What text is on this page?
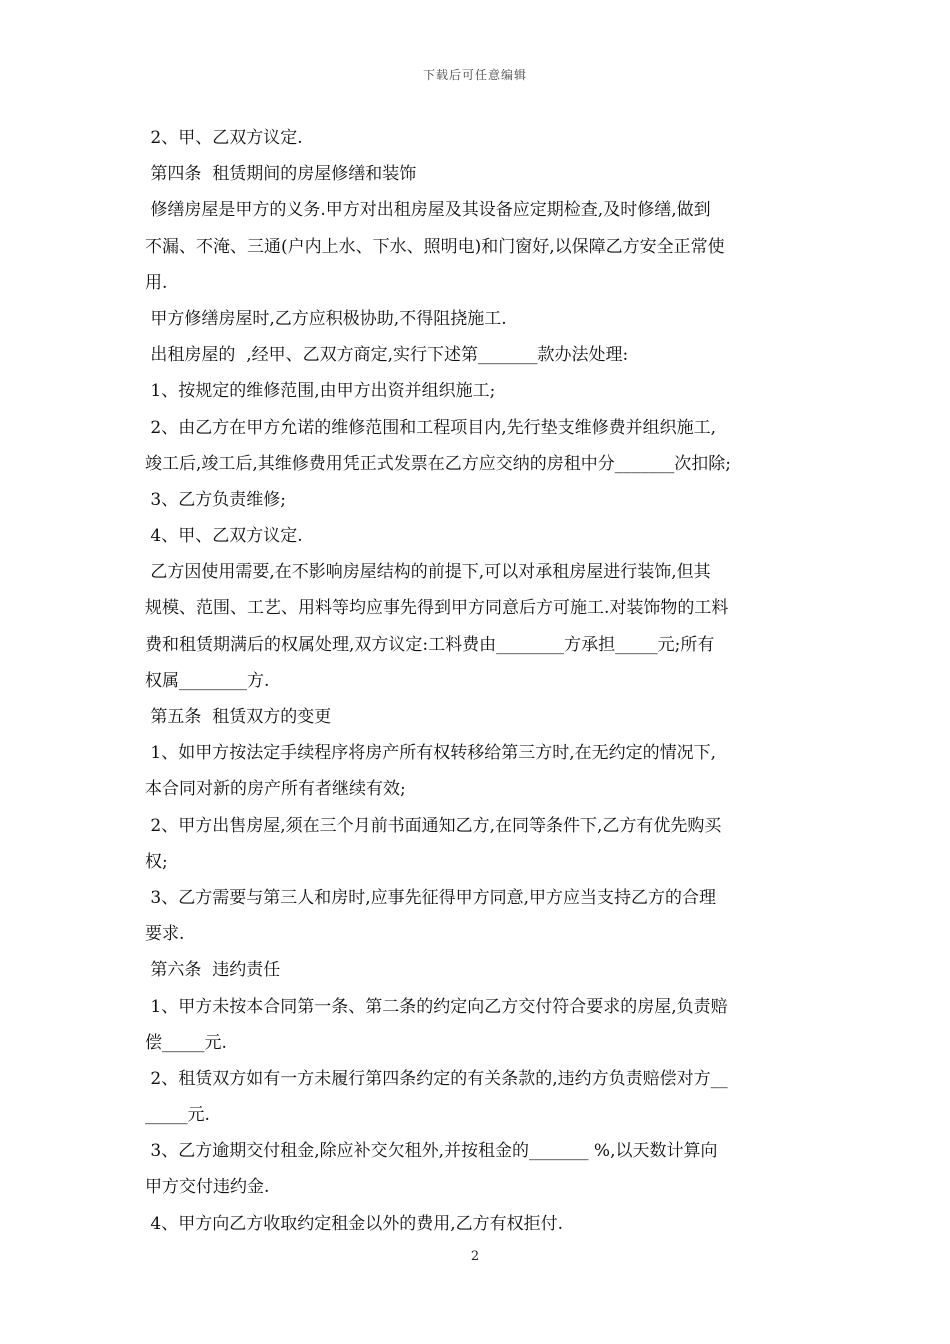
下载后可任意编辑
2、甲、乙双方议定.
第四条  租赁期间的房屋修缮和装饰
修缮房屋是甲方的义务.甲方对出租房屋及其设备应定期检查,及时修缮,做到
不漏、不淹、三通(户内上水、下水、照明电)和门窗好,以保障乙方安全正常使
用.
甲方修缮房屋时,乙方应积极协助,不得阻挠施工.
出租房屋的  ,经甲、乙双方商定,实行下述第_______款办法处理:
1、按规定的维修范围,由甲方出资并组织施工;
2、由乙方在甲方允诺的维修范围和工程项目内,先行垫支维修费并组织施工,
竣工后,竣工后,其维修费用凭正式发票在乙方应交纳的房租中分_______次扣除;
3、乙方负责维修;
4、甲、乙双方议定.
乙方因使用需要,在不影响房屋结构的前提下,可以对承租房屋进行装饰,但其
规模、范围、工艺、用料等均应事先得到甲方同意后方可施工.对装饰物的工料
费和租赁期满后的权属处理,双方议定:工料费由________方承担_____元;所有
权属________方.
第五条  租赁双方的变更
1、如甲方按法定手续程序将房产所有权转移给第三方时,在无约定的情况下,
本合同对新的房产所有者继续有效;
2、甲方出售房屋,须在三个月前书面通知乙方,在同等条件下,乙方有优先购买
权;
3、乙方需要与第三人和房时,应事先征得甲方同意,甲方应当支持乙方的合理
要求.
第六条  违约责任
1、甲方未按本合同第一条、第二条的约定向乙方交付符合要求的房屋,负责赔
偿_____元.
2、租赁双方如有一方未履行第四条约定的有关条款的,违约方负责赔偿对方__
_____元.
3、乙方逾期交付租金,除应补交欠租外,并按租金的_______ %,以天数计算向
甲方交付违约金.
4、甲方向乙方收取约定租金以外的费用,乙方有权拒付.
2
